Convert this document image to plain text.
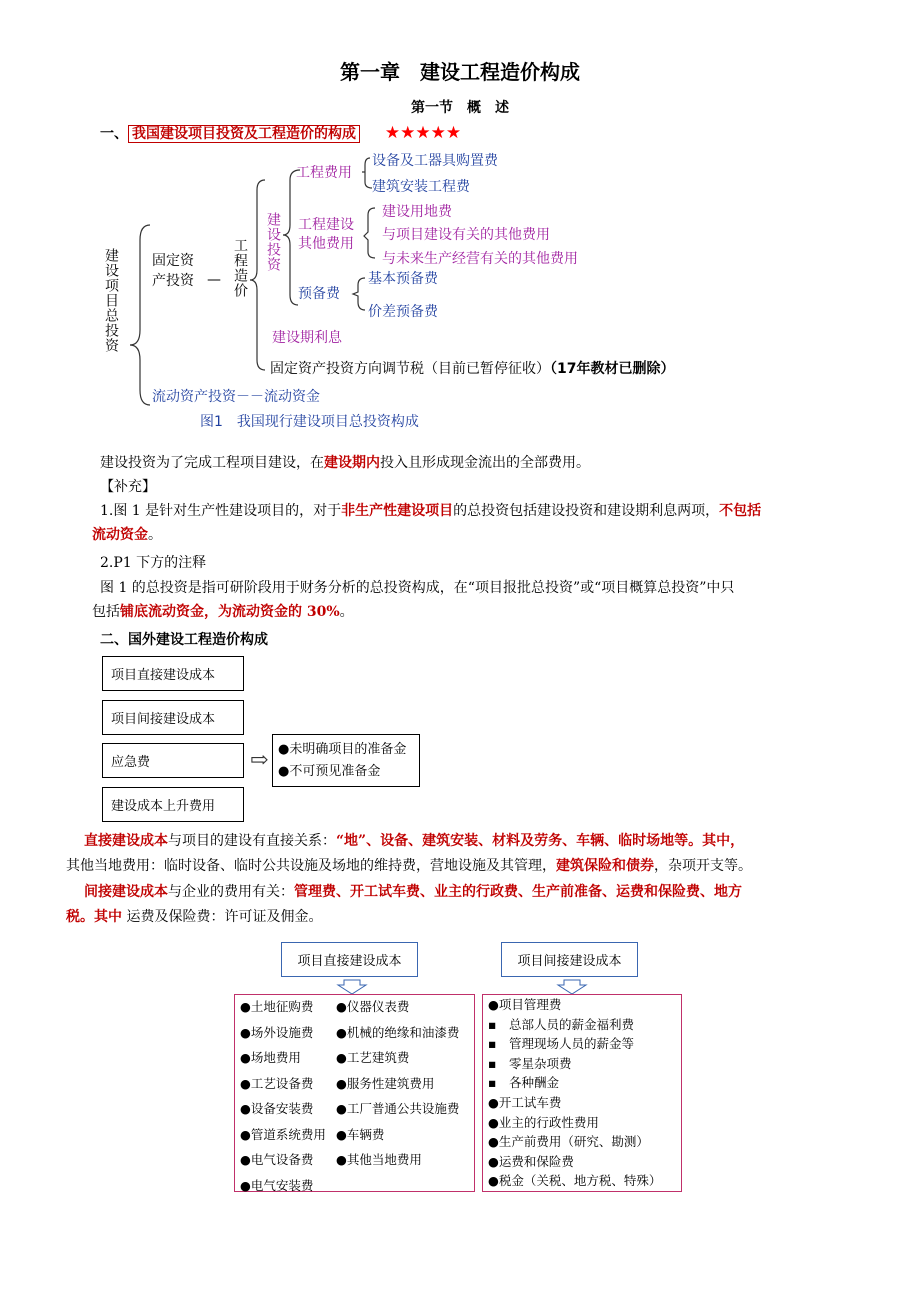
第一章　建设工程造价构成
第一节　概　述
一、 我国建设项目投资及工程造价的构成 ★★★★★
建设项目总投资 固定资产投资 — 工程造价 建设投资
工程费用
设备及工器具购置费
建筑安装工程费
工程建设其他费用
建设用地费
与项目建设有关的其他费用
与未来生产经营有关的其他费用
预备费
基本预备费
价差预备费
建设期利息
固定资产投资方向调节税（目前已暂停征收）（17年教材已删除）
流动资产投资－－流动资金
图1　我国现行建设项目总投资构成
建设投资为了完成工程项目建设，在建设期内投入且形成现金流出的全部费用。
【补充】
1.图 1 是针对生产性建设项目的，对于非生产性建设项目的总投资包括建设投资和建设期利息两项，不包括
流动资金。
2.P1 下方的注释
图 1 的总投资是指可研阶段用于财务分析的总投资构成，在“项目报批总投资”或“项目概算总投资”中只
包括铺底流动资金，为流动资金的 30%。
二、国外建设工程造价构成
项目直接建设成本
项目间接建设成本
应急费
建设成本上升费用
⇨ ●未明确项目的准备金
●不可预见准备金
直接建设成本与项目的建设有直接关系：“地”、设备、建筑安装、材料及劳务、车辆、临时场地等。其中，
其他当地费用：临时设备、临时公共设施及场地的维持费，营地设施及其管理，建筑保险和债券，杂项开支等。
间接建设成本与企业的费用有关：管理费、开工试车费、业主的行政费、生产前准备、运费和保险费、地方
税。其中 运费及保险费：许可证及佣金。
项目直接建设成本	项目间接建设成本
●土地征购费
●场外设施费
●场地费用
●工艺设备费
●设备安装费
●管道系统费用
●电气设备费
●电气安装费
●仪器仪表费
●机械的绝缘和油漆费
●工艺建筑费
●服务性建筑费用
●工厂普通公共设施费
●车辆费
●其他当地费用
●项目管理费
▪　总部人员的薪金福利费
▪　管理现场人员的薪金等
▪　零星杂项费
▪　各种酬金
●开工试车费
●业主的行政性费用
●生产前费用（研究、勘测）
●运费和保险费
●税金（关税、地方税、特殊）
